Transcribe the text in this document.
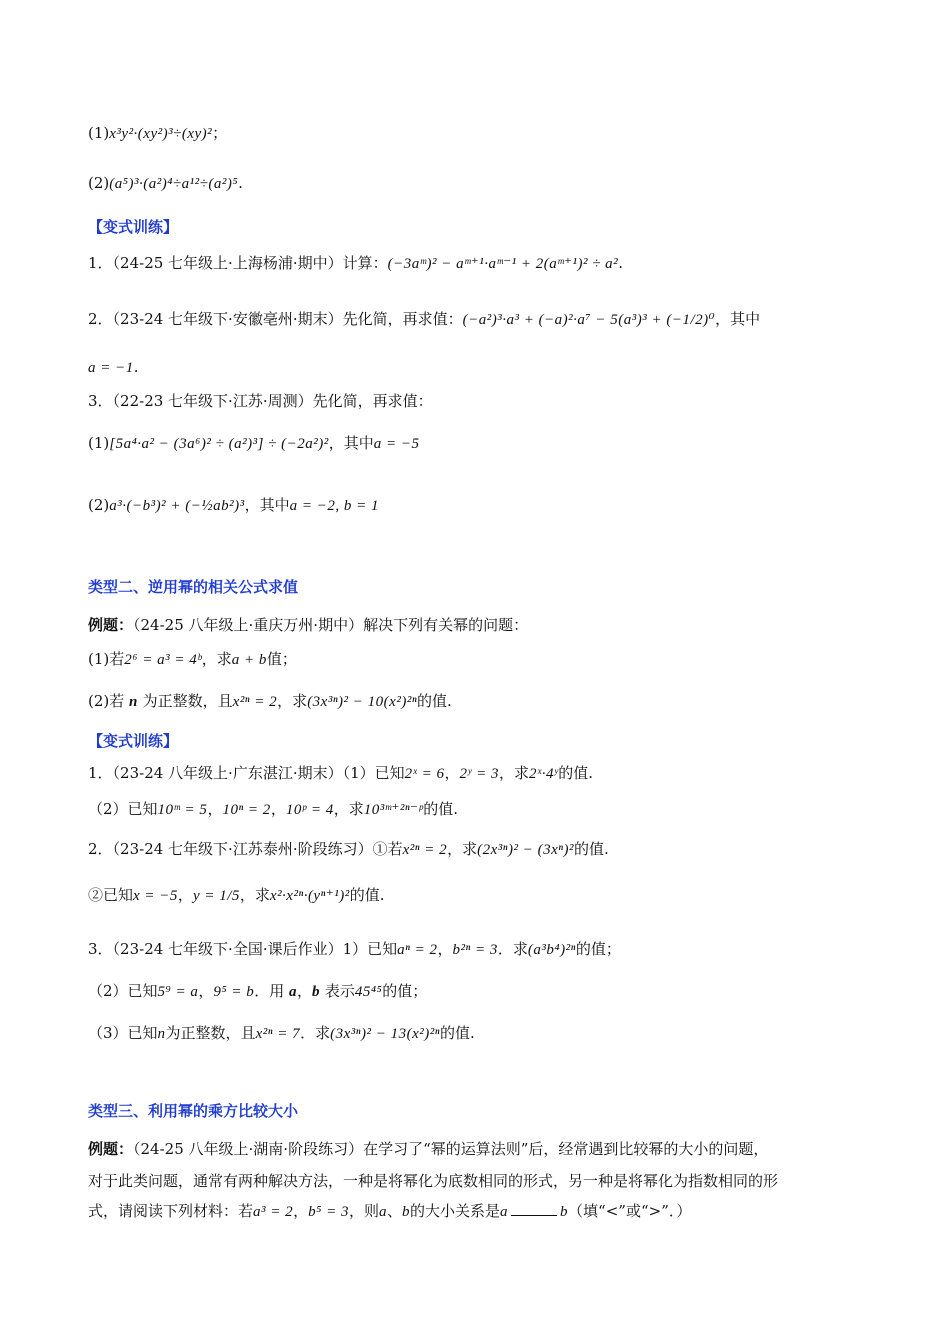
(1)x³y²·(xy²)³÷(xy)²；
(2)(a⁵)³·(a²)⁴÷a¹²÷(a²)⁵.
【变式训练】
1．（24-25 七年级上·上海杨浦·期中）计算：(−3aᵐ)² − aᵐ⁺¹·aᵐ⁻¹ + 2(aᵐ⁺¹)² ÷ a².
2．（23-24 七年级下·安徽亳州·期末）先化简，再求值：(−a²)³·a³ + (−a)²·a⁷ − 5(a³)³ + (−1/2)⁰，其中
a = −1.
3．（22-23 七年级下·江苏·周测）先化简，再求值：
(1)[5a⁴·a² − (3a⁶)² ÷ (a²)³] ÷ (−2a²)²，其中a = −5
(2)a³·(−b³)² + (−½ab²)³，其中a = −2, b = 1
类型二、逆用幂的相关公式求值
例题：（24-25 八年级上·重庆万州·期中）解决下列有关幂的问题：
(1)若2⁶ = a³ = 4ᵇ，求a + b值；
(2)若 n 为正整数，且x²ⁿ = 2，求(3x³ⁿ)² − 10(x²)²ⁿ的值.
【变式训练】
1．（23-24 八年级上·广东湛江·期末）（1）已知2ˣ = 6，2ʸ = 3，求2ˣ·4ʸ的值.
（2）已知10ᵐ = 5，10ⁿ = 2，10ᵖ = 4，求10³ᵐ⁺²ⁿ⁻ᵖ的值.
2．（23-24 七年级下·江苏泰州·阶段练习）①若x²ⁿ = 2，求(2x³ⁿ)² − (3xⁿ)²的值.
②已知x = −5，y = 1/5，求x²·x²ⁿ·(yⁿ⁺¹)²的值.
3．（23-24 七年级下·全国·课后作业）1）已知aⁿ = 2，b²ⁿ = 3．求(a³b⁴)²ⁿ的值；
（2）已知5⁹ = a，9⁵ = b．用 a，b 表示45⁴⁵的值；
（3）已知n为正整数，且x²ⁿ = 7．求(3x³ⁿ)² − 13(x²)²ⁿ的值.
类型三、利用幂的乘方比较大小
例题：（24-25 八年级上·湖南·阶段练习）在学习了“幂的运算法则”后，经常遇到比较幂的大小的问题，
对于此类问题，通常有两种解决方法，一种是将幂化为底数相同的形式，另一种是将幂化为指数相同的形
式，请阅读下列材料：若a³ = 2，b⁵ = 3，则a、b的大小关系是a	b（填“<”或“>”．）
